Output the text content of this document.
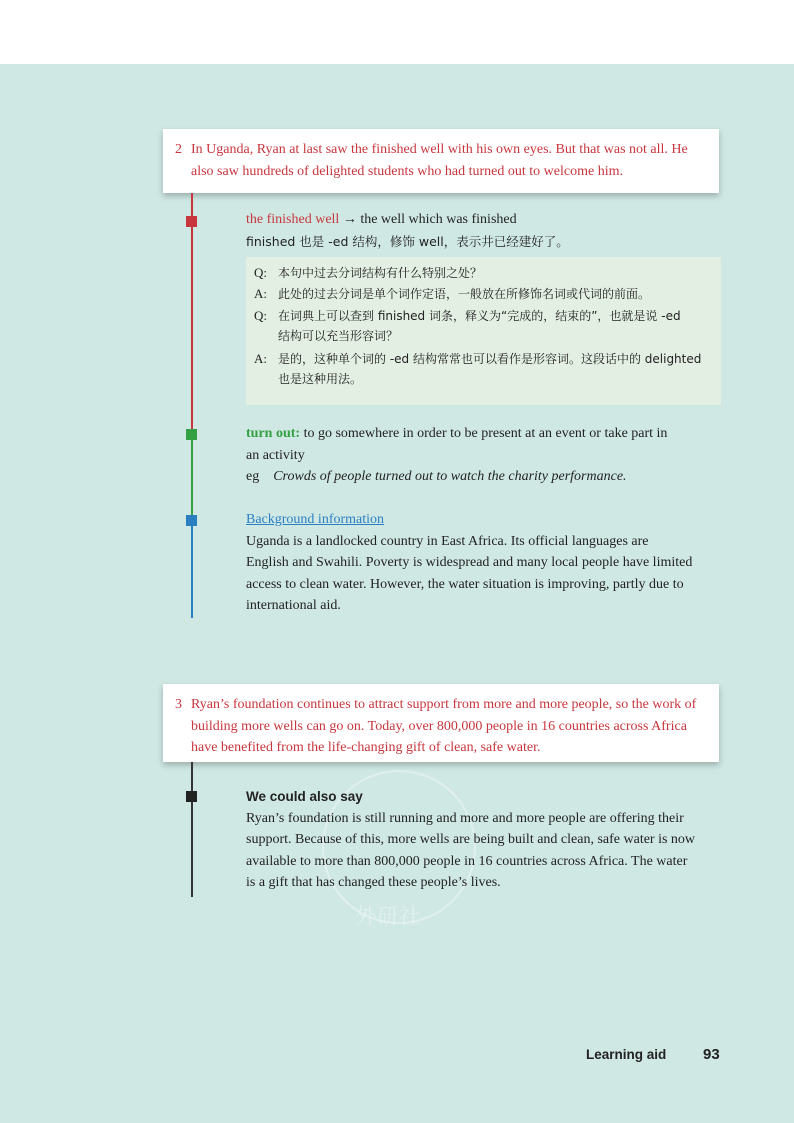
外研社
2 In Uganda, Ryan at last saw the finished well with his own eyes. But that was not all. He also saw hundreds of delighted students who had turned out to welcome him.
the finished well → the well which was finished
finished 也是 -ed 结构，修饰 well，表示井已经建好了。
Q: 本句中过去分词结构有什么特别之处？
A: 此处的过去分词是单个词作定语，一般放在所修饰名词或代词的前面。
Q: 在词典上可以查到 finished 词条，释义为“完成的，结束的”，也就是说 -ed
结构可以充当形容词？
A: 是的，这种单个词的 -ed 结构常常也可以看作是形容词。这段话中的 delighted
也是这种用法。
turn out: to go somewhere in order to be present at an event or take part in
an activity
eg Crowds of people turned out to watch the charity performance.
Background information
Uganda is a landlocked country in East Africa. Its official languages are
English and Swahili. Poverty is widespread and many local people have limited
access to clean water. However, the water situation is improving, partly due to
international aid.
3 Ryan’s foundation continues to attract support from more and more people, so the work of building more wells can go on. Today, over 800,000 people in 16 countries across Africa have benefited from the life-changing gift of clean, safe water.
We could also say
Ryan’s foundation is still running and more and more people are offering their
support. Because of this, more wells are being built and clean, safe water is now
available to more than 800,000 people in 16 countries across Africa. The water
is a gift that has changed these people’s lives.
Learning aid 93
